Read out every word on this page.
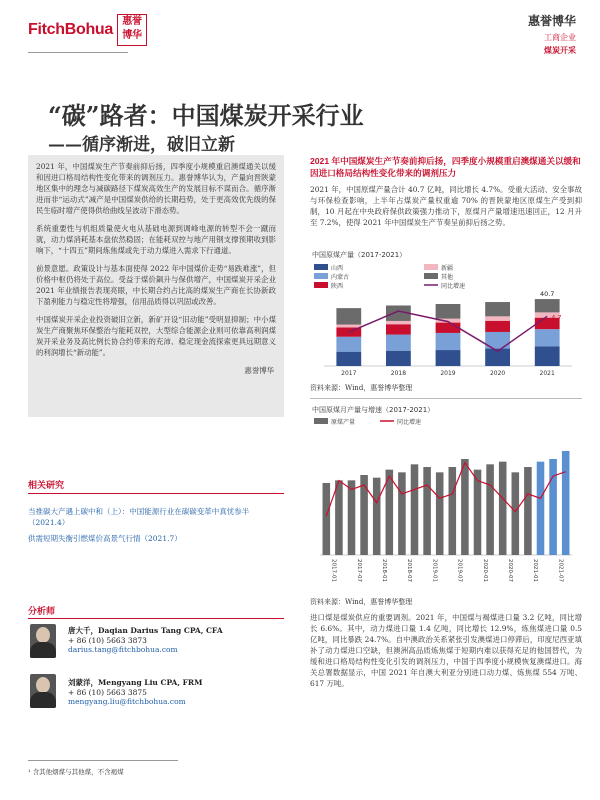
FitchBohua 惠誉博华
惠誉博华
工商企业
煤炭开采
“碳”路者：中国煤炭开采行业
——循序渐进，破旧立新

2021 年，中国煤炭生产节奏前抑后扬，四季度小规模重启澳煤通关以缓和因进口格局结构性变化带来的调剂压力。惠誉博华认为，产量向晋陕蒙地区集中的理念与减碳路径下煤炭高效生产的发展目标不谋而合。循序渐进而非“运动式”减产是中国煤炭供给的长期趋势，处于更高效优先级的保民生临时增产使得供给曲线呈波动下滑态势。

系统重要性与机组质量使火电从基础电源到调峰电源的转型不会一蹴而就，动力煤消耗基本盘依然稳固；在能耗双控与地产用钢支撑预期收到影响下，“十四五”期间炼焦煤或先于动力煤进入需求下行通道。

前景意愿。政策设计与基本面使得 2022 年中国煤价走势“易跌难涨”，但价格中枢仍将处于高位。受益于煤价飙升与保供增产，中国煤炭开采企业 2021 年业绩报告表现亮眼，中长期合约占比高的煤炭生产商在长协新政下盈利能力与稳定性将增强，信用品质得以巩固或改善。

中国煤炭开采企业投资破旧立新，新矿开设“旧动能”受明显抑制；中小煤炭生产商聚焦环保整治与能耗双控，大型综合能源企业则可依靠高利润煤炭开采业务及高比例长协合约带来的充沛、稳定现金流探索更具远期意义的利润增长“新动能”。

惠誉博华
相关研究
当推碳大产遇上碳中和（上）：中国能源行业在碳碳变革中真忧参半（2021.4）
供需短期失衡引燃煤价高景气行情（2021.7）
分析师
唐大千，Daqian Darius Tang CPA, CFA
+ 86 (10) 5663 3873
darius.tang@fitchbohua.com
刘蒙洋，Mengyang Liu CPA, FRM
+ 86 (10) 5663 3875
mengyang.liu@fitchbohua.com
¹ 含其他烟煤与其他煤，不含褐煤
2021 年中国煤炭生产节奏前抑后扬，四季度小规模重启澳煤通关以缓和因进口格局结构性变化带来的调剂压力
2021 年，中国原煤产量合计 40.7 亿吨，同比增长 4.7%。受重大活动、安全事故与环保检查影响，上半年占煤炭产量权重逾 70% 的晋陕蒙地区原煤生产受到抑制，10 月起在中央政府保供政策强力推动下，原煤月产量增速迅速回正，12 月升至 7.2%，使得 2021 年中国煤炭生产节奏呈前抑后扬之势。
中国原煤产量（2017-2021）
山西
内蒙古
陕西
新疆
其他
同比增速
2017	2018	2019	2020	2021
40.7
4.7
资料来源：Wind，惠誉博华整理
中国原煤月产量与增速（2017-2021）
原煤产量	同比增速
2017-01	2017-07	2018-01	2018-07	2019-01	2019-07	2020-01	2020-07	2021-01	2021-07
资料来源：Wind，惠誉博华整理
进口煤是煤炭供应的重要调剂。2021 年，中国煤与褐煤进口量 3.2 亿吨，同比增长 6.6%。其中，动力煤进口量 1.4 亿吨，同比增长 12.9%，炼焦煤进口量 0.5 亿吨，同比暴跌 24.7%。自中澳政治关系紧张引发澳煤进口停滞后，印度尼西亚填补了动力煤进口空缺，但澳洲高品质炼焦煤于短期内难以获得充足的他国替代，为缓和进口格局结构性变化引发的调剂压力，中国于四季度小规模恢复澳煤进口。海关总署数据显示，中国 2021 年自澳大利亚分别进口动力煤、炼焦煤 554 万吨、617 万吨。
